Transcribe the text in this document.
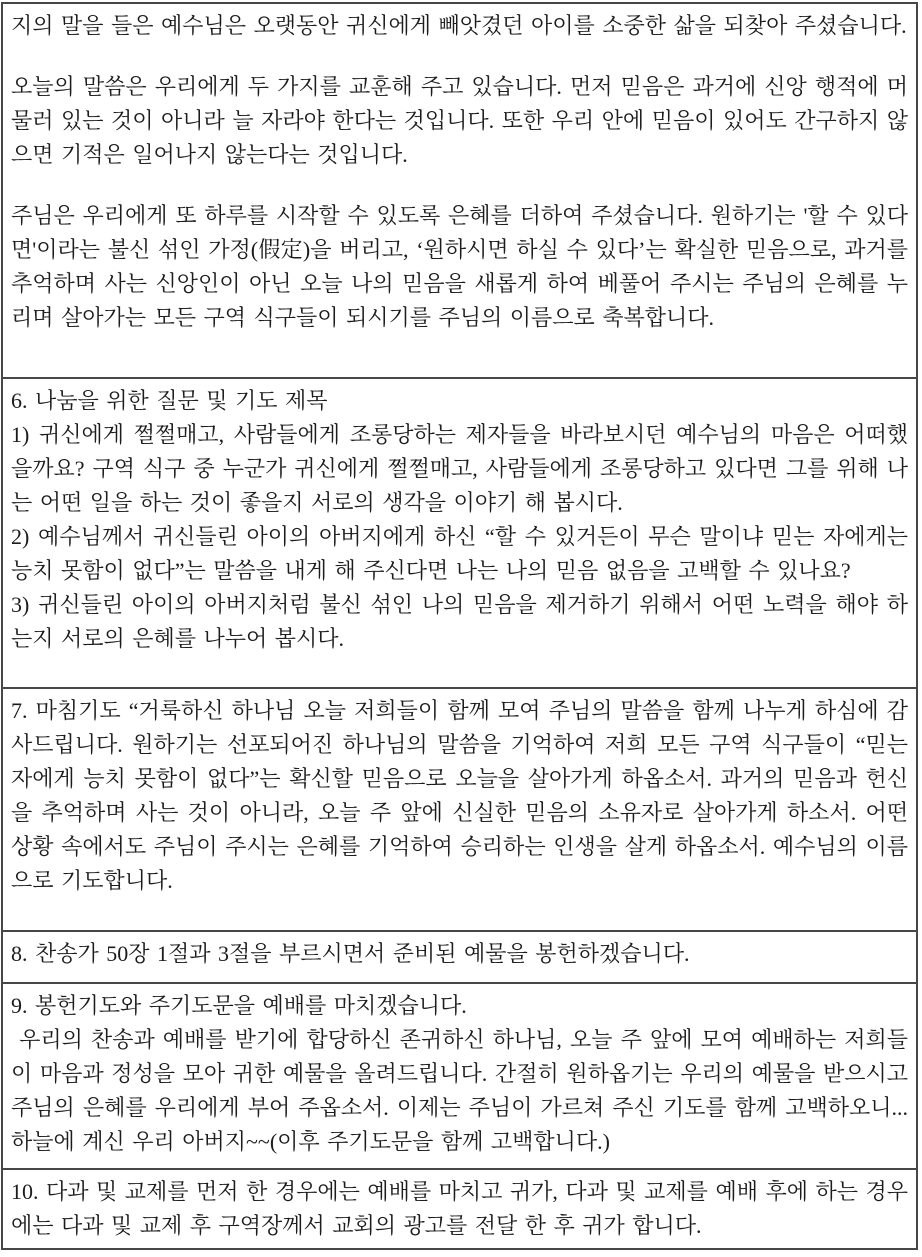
지의 말을 들은 예수님은 오랫동안 귀신에게 빼앗겼던 아이를 소중한 삶을 되찾아 주셨습니다.

오늘의 말씀은 우리에게 두 가지를 교훈해 주고 있습니다. 먼저 믿음은 과거에 신앙 행적에 머물러 있는 것이 아니라 늘 자라야 한다는 것입니다. 또한 우리 안에 믿음이 있어도 간구하지 않으면 기적은 일어나지 않는다는 것입니다.

주님은 우리에게 또 하루를 시작할 수 있도록 은혜를 더하여 주셨습니다. 원하기는 '할 수 있다면'이라는 불신 섞인 가정(假定)을 버리고, ‘원하시면 하실 수 있다’는 확실한 믿음으로, 과거를 추억하며 사는 신앙인이 아닌 오늘 나의 믿음을 새롭게 하여 베풀어 주시는 주님의 은혜를 누리며 살아가는 모든 구역 식구들이 되시기를 주님의 이름으로 축복합니다.

6. 나눔을 위한 질문 및 기도 제목

1) 귀신에게 쩔쩔매고, 사람들에게 조롱당하는 제자들을 바라보시던 예수님의 마음은 어떠했을까요? 구역 식구 중 누군가 귀신에게 쩔쩔매고, 사람들에게 조롱당하고 있다면 그를 위해 나는 어떤 일을 하는 것이 좋을지 서로의 생각을 이야기 해 봅시다.

2) 예수님께서 귀신들린 아이의 아버지에게 하신 “할 수 있거든이 무슨 말이냐 믿는 자에게는 능치 못함이 없다”는 말씀을 내게 해 주신다면 나는 나의 믿음 없음을 고백할 수 있나요?

3) 귀신들린 아이의 아버지처럼 불신 섞인 나의 믿음을 제거하기 위해서 어떤 노력을 해야 하는지 서로의 은혜를 나누어 봅시다.

7. 마침기도 “거룩하신 하나님 오늘 저희들이 함께 모여 주님의 말씀을 함께 나누게 하심에 감사드립니다. 원하기는 선포되어진 하나님의 말씀을 기억하여 저희 모든 구역 식구들이 “믿는 자에게 능치 못함이 없다”는 확신할 믿음으로 오늘을 살아가게 하옵소서. 과거의 믿음과 헌신을 추억하며 사는 것이 아니라, 오늘 주 앞에 신실한 믿음의 소유자로 살아가게 하소서. 어떤 상황 속에서도 주님이 주시는 은혜를 기억하여 승리하는 인생을 살게 하옵소서. 예수님의 이름으로 기도합니다.

8. 찬송가 50장 1절과 3절을 부르시면서 준비된 예물을 봉헌하겠습니다.

9. 봉헌기도와 주기도문을 예배를 마치겠습니다.

우리의 찬송과 예배를 받기에 합당하신 존귀하신 하나님, 오늘 주 앞에 모여 예배하는 저희들이 마음과 정성을 모아 귀한 예물을 올려드립니다. 간절히 원하옵기는 우리의 예물을 받으시고 주님의 은혜를 우리에게 부어 주옵소서. 이제는 주님이 가르쳐 주신 기도를 함께 고백하오니... 하늘에 계신 우리 아버지~~(이후 주기도문을 함께 고백합니다.)

10. 다과 및 교제를 먼저 한 경우에는 예배를 마치고 귀가, 다과 및 교제를 예배 후에 하는 경우에는 다과 및 교제 후 구역장께서 교회의 광고를 전달 한 후 귀가 합니다.
